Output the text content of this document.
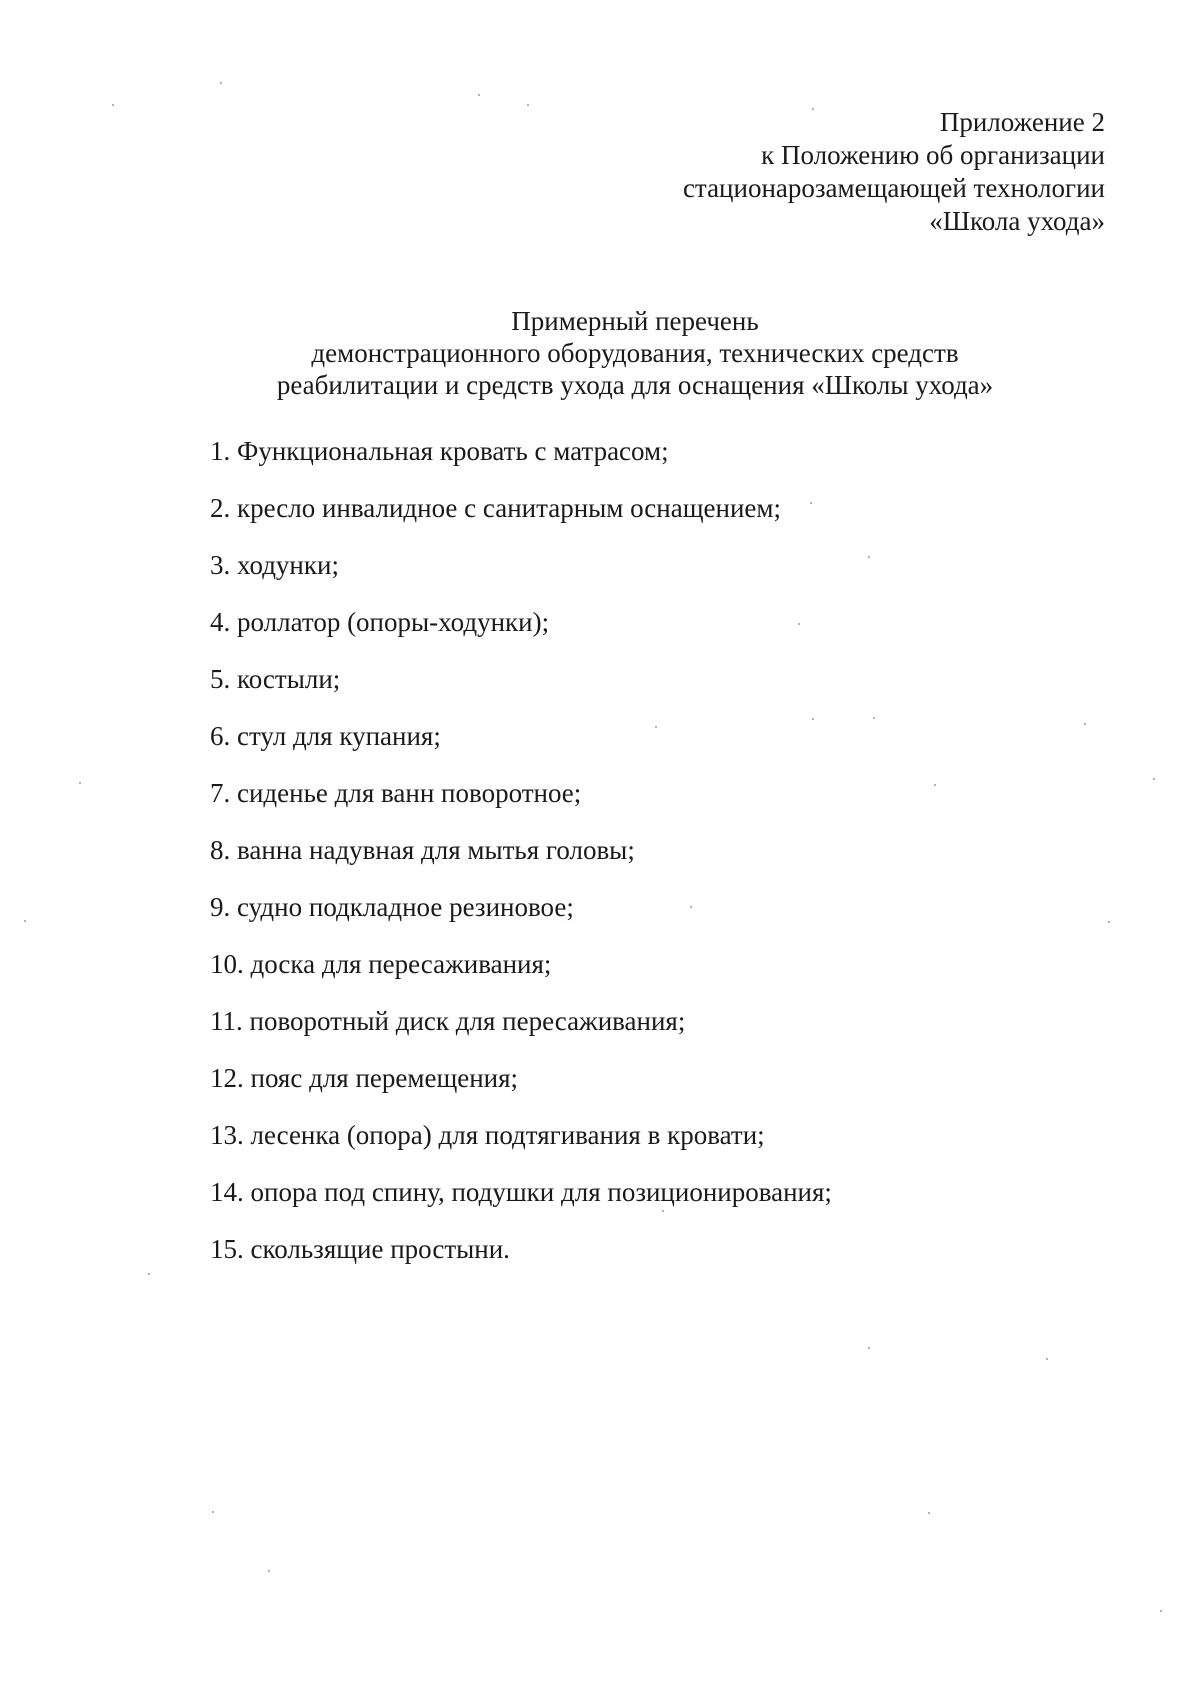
Приложение 2
к Положению об организации
стационарозамещающей технологии
«Школа ухода»
Примерный перечень
демонстрационного оборудования, технических средств
реабилитации и средств ухода для оснащения «Школы ухода»
1. Функциональная кровать с матрасом;
2. кресло инвалидное с санитарным оснащением;
3. ходунки;
4. роллатор (опоры-ходунки);
5. костыли;
6. стул для купания;
7. сиденье для ванн поворотное;
8. ванна надувная для мытья головы;
9. судно подкладное резиновое;
10. доска для пересаживания;
11. поворотный диск для пересаживания;
12. пояс для перемещения;
13. лесенка (опора) для подтягивания в кровати;
14. опора под спину, подушки для позиционирования;
15. скользящие простыни.
